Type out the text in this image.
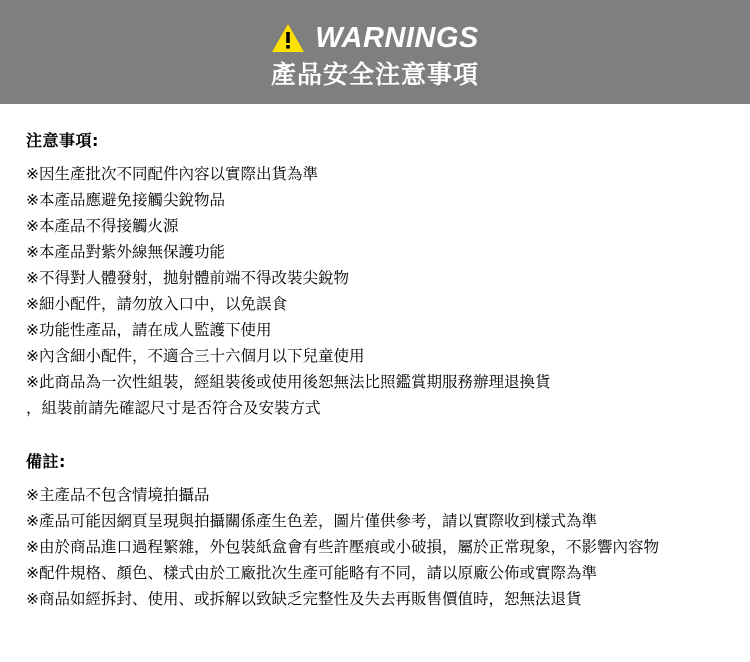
WARNINGS
產品安全注意事項
注意事項:
※因生產批次不同配件內容以實際出貨為準
※本產品應避免接觸尖銳物品
※本產品不得接觸火源
※本產品對紫外線無保護功能
※不得對人體發射，拋射體前端不得改裝尖銳物
※細小配件，請勿放入口中，以免誤食
※功能性產品，請在成人監護下使用
※內含細小配件，不適合三十六個月以下兒童使用
※此商品為一次性組裝，經組裝後或使用後恕無法比照鑑賞期服務辦理退換貨
，組裝前請先確認尺寸是否符合及安裝方式
備註:
※主產品不包含情境拍攝品
※產品可能因網頁呈現與拍攝關係產生色差，圖片僅供參考，請以實際收到樣式為準
※由於商品進口過程繁雜，外包裝紙盒會有些許壓痕或小破損，屬於正常現象，不影響內容物
※配件規格、顏色、樣式由於工廠批次生產可能略有不同，請以原廠公佈或實際為準
※商品如經拆封、使用、或拆解以致缺乏完整性及失去再販售價值時，恕無法退貨
